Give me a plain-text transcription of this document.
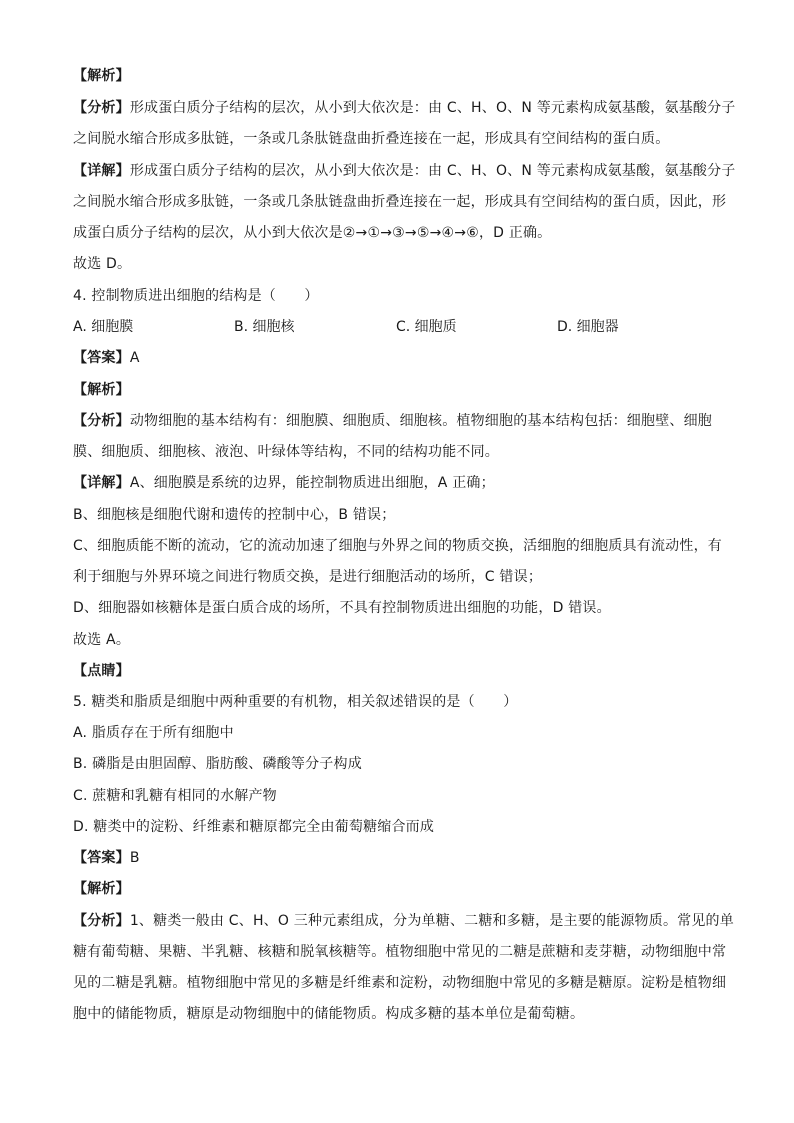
【解析】
【分析】形成蛋白质分子结构的层次，从小到大依次是：由 C、H、O、N 等元素构成氨基酸，氨基酸分子
之间脱水缩合形成多肽链，一条或几条肽链盘曲折叠连接在一起，形成具有空间结构的蛋白质。
【详解】形成蛋白质分子结构的层次，从小到大依次是：由 C、H、O、N 等元素构成氨基酸，氨基酸分子
之间脱水缩合形成多肽链，一条或几条肽链盘曲折叠连接在一起，形成具有空间结构的蛋白质，因此，形
成蛋白质分子结构的层次，从小到大依次是②→①→③→⑤→④→⑥，D 正确。
故选 D。
4. 控制物质进出细胞的结构是（　　）
A. 细胞膜	B. 细胞核	C. 细胞质	D. 细胞器
【答案】A
【解析】
【分析】动物细胞的基本结构有：细胞膜、细胞质、细胞核。植物细胞的基本结构包括：细胞壁、细胞
膜、细胞质、细胞核、液泡、叶绿体等结构，不同的结构功能不同。
【详解】A、细胞膜是系统的边界，能控制物质进出细胞，A 正确；
B、细胞核是细胞代谢和遗传的控制中心，B 错误；
C、细胞质能不断的流动，它的流动加速了细胞与外界之间的物质交换，活细胞的细胞质具有流动性，有
利于细胞与外界环境之间进行物质交换，是进行细胞活动的场所，C 错误；
D、细胞器如核糖体是蛋白质合成的场所，不具有控制物质进出细胞的功能，D 错误。
故选 A。
【点睛】
5. 糖类和脂质是细胞中两种重要的有机物，相关叙述错误的是（　　）
A. 脂质存在于所有细胞中
B. 磷脂是由胆固醇、脂肪酸、磷酸等分子构成
C. 蔗糖和乳糖有相同的水解产物
D. 糖类中的淀粉、纤维素和糖原都完全由葡萄糖缩合而成
【答案】B
【解析】
【分析】1、糖类一般由 C、H、O 三种元素组成，分为单糖、二糖和多糖，是主要的能源物质。常见的单
糖有葡萄糖、果糖、半乳糖、核糖和脱氧核糖等。植物细胞中常见的二糖是蔗糖和麦芽糖，动物细胞中常
见的二糖是乳糖。植物细胞中常见的多糖是纤维素和淀粉，动物细胞中常见的多糖是糖原。淀粉是植物细
胞中的储能物质，糖原是动物细胞中的储能物质。构成多糖的基本单位是葡萄糖。
